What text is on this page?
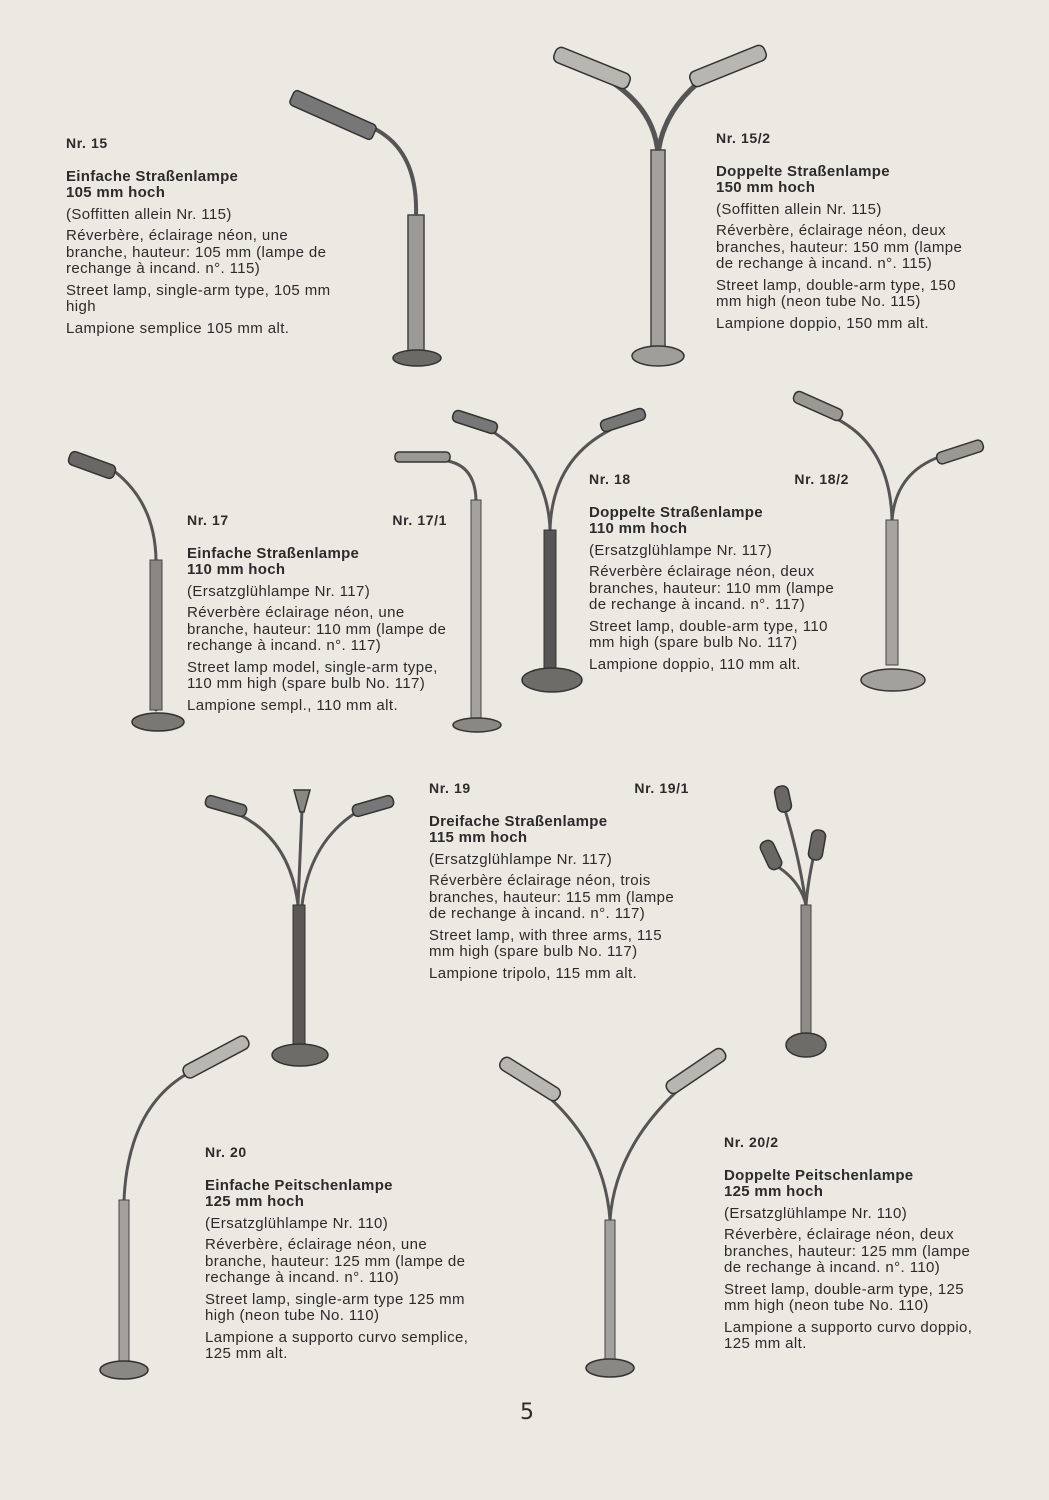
Nr. 15
Einfache Straßenlampe
105 mm hoch
(Soffitten allein Nr. 115)
Réverbère, éclairage néon, une branche, hauteur: 105 mm (lampe de rechange à incand. n°. 115)
Street lamp, single-arm type, 105 mm high
Lampione semplice 105 mm alt.
Nr. 15/2
Doppelte Straßenlampe
150 mm hoch
(Soffitten allein Nr. 115)
Réverbère, éclairage néon, deux branches, hauteur: 150 mm (lampe de rechange à incand. n°. 115)
Street lamp, double-arm type, 150 mm high (neon tube No. 115)
Lampione doppio, 150 mm alt.
Nr. 17	Nr. 17/1
Einfache Straßenlampe
110 mm hoch
(Ersatzglühlampe Nr. 117)
Réverbère éclairage néon, une branche, hauteur: 110 mm (lampe de rechange à incand. n°. 117)
Street lamp model, single-arm type, 110 mm high (spare bulb No. 117)
Lampione sempl., 110 mm alt.
Nr. 18	Nr. 18/2
Doppelte Straßenlampe
110 mm hoch
(Ersatzglühlampe Nr. 117)
Réverbère éclairage néon, deux branches, hauteur: 110 mm (lampe de rechange à incand. n°. 117)
Street lamp, double-arm type, 110 mm high (spare bulb No. 117)
Lampione doppio, 110 mm alt.
Nr. 19	Nr. 19/1
Dreifache Straßenlampe
115 mm hoch
(Ersatzglühlampe Nr. 117)
Réverbère éclairage néon, trois branches, hauteur: 115 mm (lampe de rechange à incand. n°. 117)
Street lamp, with three arms, 115 mm high (spare bulb No. 117)
Lampione tripolo, 115 mm alt.
Nr. 20
Einfache Peitschenlampe
125 mm hoch
(Ersatzglühlampe Nr. 110)
Réverbère, éclairage néon, une branche, hauteur: 125 mm (lampe de rechange à incand. n°. 110)
Street lamp, single-arm type 125 mm high (neon tube No. 110)
Lampione a supporto curvo semplice, 125 mm alt.
Nr. 20/2
Doppelte Peitschenlampe
125 mm hoch
(Ersatzglühlampe Nr. 110)
Réverbère, éclairage néon, deux branches, hauteur: 125 mm (lampe de rechange à incand. n°. 110)
Street lamp, double-arm type, 125 mm high (neon tube No. 110)
Lampione a supporto curvo doppio, 125 mm alt.
5
